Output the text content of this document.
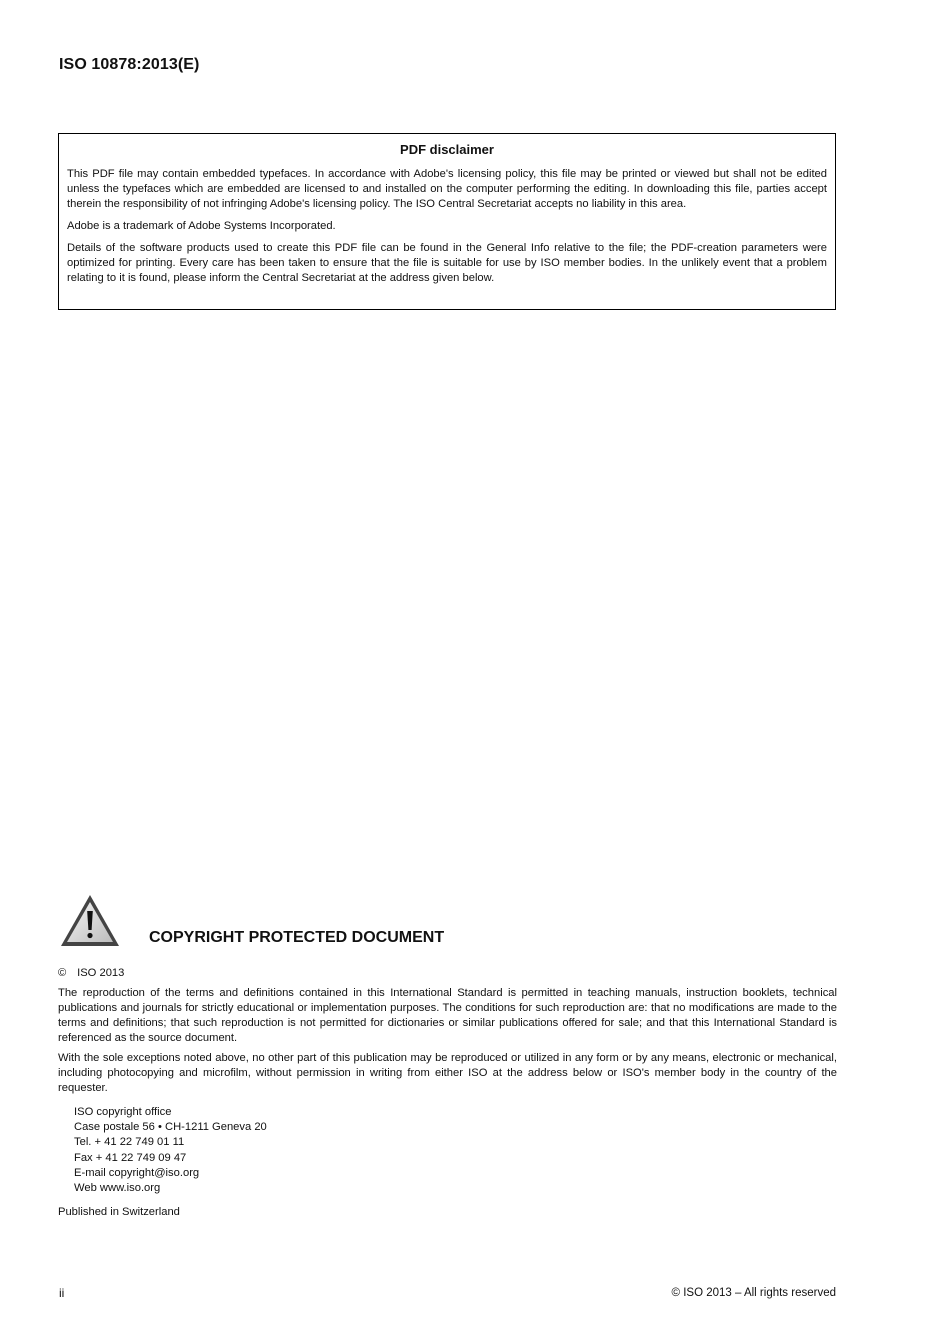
ISO 10878:2013(E)
PDF disclaimer

This PDF file may contain embedded typefaces. In accordance with Adobe's licensing policy, this file may be printed or viewed but shall not be edited unless the typefaces which are embedded are licensed to and installed on the computer performing the editing. In downloading this file, parties accept therein the responsibility of not infringing Adobe's licensing policy. The ISO Central Secretariat accepts no liability in this area.

Adobe is a trademark of Adobe Systems Incorporated.

Details of the software products used to create this PDF file can be found in the General Info relative to the file; the PDF-creation parameters were optimized for printing. Every care has been taken to ensure that the file is suitable for use by ISO member bodies. In the unlikely event that a problem relating to it is found, please inform the Central Secretariat at the address given below.

COPYRIGHT PROTECTED DOCUMENT
© ISO 2013

The reproduction of the terms and definitions contained in this International Standard is permitted in teaching manuals, instruction booklets, technical publications and journals for strictly educational or implementation purposes. The conditions for such reproduction are: that no modifications are made to the terms and definitions; that such reproduction is not permitted for dictionaries or similar publications offered for sale; and that this International Standard is referenced as the source document.

With the sole exceptions noted above, no other part of this publication may be reproduced or utilized in any form or by any means, electronic or mechanical, including photocopying and microfilm, without permission in writing from either ISO at the address below or ISO's member body in the country of the requester.

ISO copyright office
Case postale 56 • CH-1211 Geneva 20
Tel. + 41 22 749 01 11
Fax + 41 22 749 09 47
E-mail copyright@iso.org
Web www.iso.org
Published in Switzerland
ii	© ISO 2013 – All rights reserved
